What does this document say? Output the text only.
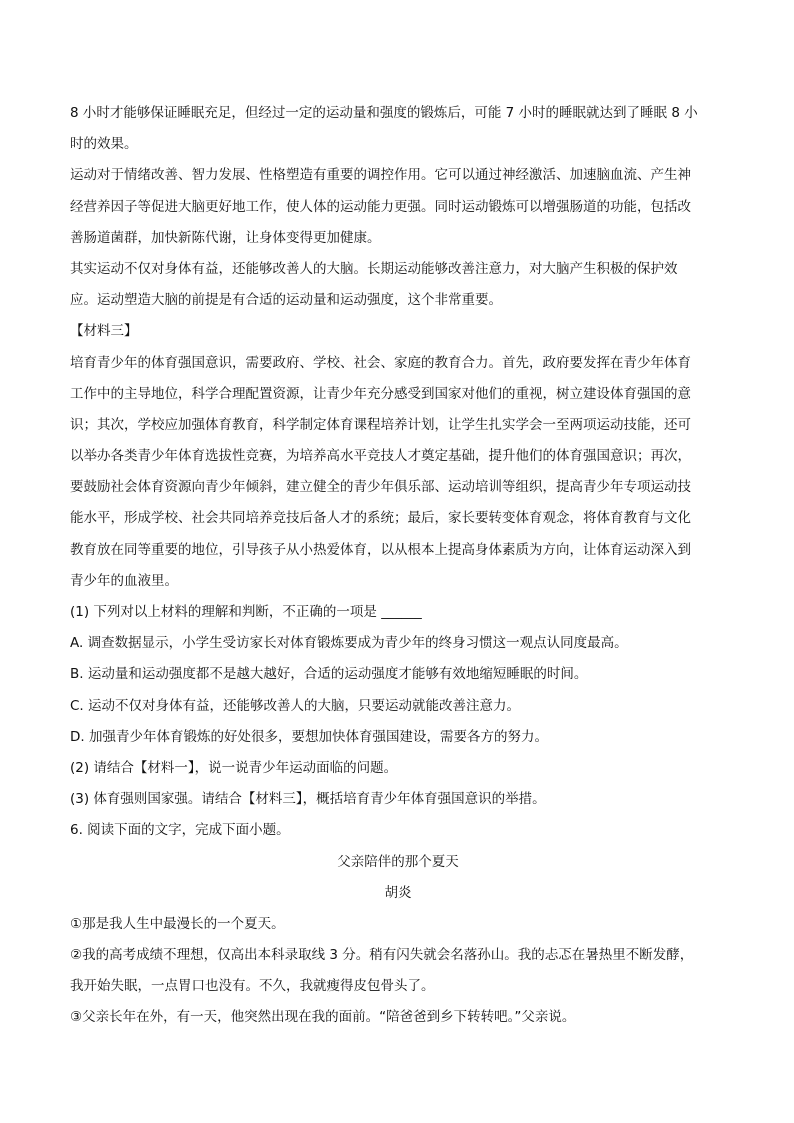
8 小时才能够保证睡眠充足，但经过一定的运动量和强度的锻炼后，可能 7 小时的睡眠就达到了睡眠 8 小
时的效果。
运动对于情绪改善、智力发展、性格塑造有重要的调控作用。它可以通过神经激活、加速脑血流、产生神
经营养因子等促进大脑更好地工作，使人体的运动能力更强。同时运动锻炼可以增强肠道的功能，包括改
善肠道菌群，加快新陈代谢，让身体变得更加健康。
其实运动不仅对身体有益，还能够改善人的大脑。长期运动能够改善注意力，对大脑产生积极的保护效
应。运动塑造大脑的前提是有合适的运动量和运动强度，这个非常重要。
【材料三】
培育青少年的体育强国意识，需要政府、学校、社会、家庭的教育合力。首先，政府要发挥在青少年体育
工作中的主导地位，科学合理配置资源，让青少年充分感受到国家对他们的重视，树立建设体育强国的意
识；其次，学校应加强体育教育，科学制定体育课程培养计划，让学生扎实学会一至两项运动技能，还可
以举办各类青少年体育选拔性竞赛，为培养高水平竞技人才奠定基础，提升他们的体育强国意识；再次，
要鼓励社会体育资源向青少年倾斜，建立健全的青少年俱乐部、运动培训等组织，提高青少年专项运动技
能水平，形成学校、社会共同培养竞技后备人才的系统；最后，家长要转变体育观念，将体育教育与文化
教育放在同等重要的地位，引导孩子从小热爱体育，以从根本上提高身体素质为方向，让体育运动深入到
青少年的血液里。
(1) 下列对以上材料的理解和判断，不正确的一项是 ______
A. 调查数据显示，小学生受访家长对体育锻炼要成为青少年的终身习惯这一观点认同度最高。
B. 运动量和运动强度都不是越大越好，合适的运动强度才能够有效地缩短睡眠的时间。
C. 运动不仅对身体有益，还能够改善人的大脑，只要运动就能改善注意力。
D. 加强青少年体育锻炼的好处很多，要想加快体育强国建设，需要各方的努力。
(2) 请结合【材料一】，说一说青少年运动面临的问题。
(3) 体育强则国家强。请结合【材料三】，概括培育青少年体育强国意识的举措。
6. 阅读下面的文字，完成下面小题。
父亲陪伴的那个夏天
胡炎
①那是我人生中最漫长的一个夏天。
②我的高考成绩不理想，仅高出本科录取线 3 分。稍有闪失就会名落孙山。我的忐忑在暑热里不断发酵，
我开始失眠，一点胃口也没有。不久，我就瘦得皮包骨头了。
③父亲长年在外，有一天，他突然出现在我的面前。“陪爸爸到乡下转转吧。”父亲说。
